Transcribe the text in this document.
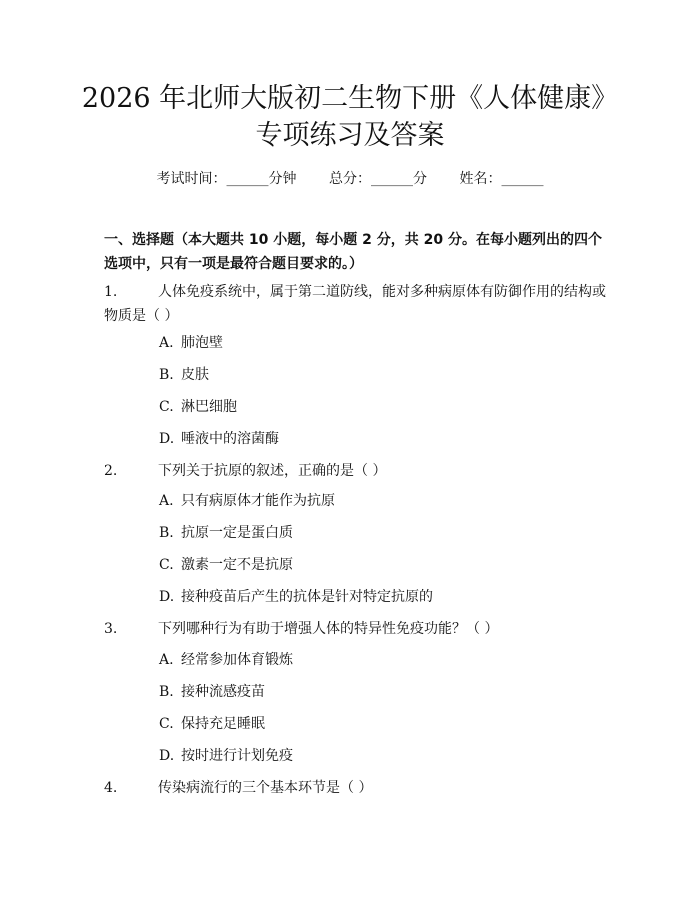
2026 年北师大版初二生物下册《人体健康》
专项练习及答案
考试时间：______分钟 总分：______分 姓名：______
一、选择题（本大题共 10 小题，每小题 2 分，共 20 分。在每小题列出的四个选项中，只有一项是最符合题目要求的。）
1.	人体免疫系统中，属于第二道防线，能对多种病原体有防御作用的结构或
物质是（ ）
A. 肺泡壁
B. 皮肤
C. 淋巴细胞
D. 唾液中的溶菌酶
2.	下列关于抗原的叙述，正确的是（ ）
A. 只有病原体才能作为抗原
B. 抗原一定是蛋白质
C. 激素一定不是抗原
D. 接种疫苗后产生的抗体是针对特定抗原的
3.	下列哪种行为有助于增强人体的特异性免疫功能？（ ）
A. 经常参加体育锻炼
B. 接种流感疫苗
C. 保持充足睡眠
D. 按时进行计划免疫
4.	传染病流行的三个基本环节是（ ）
